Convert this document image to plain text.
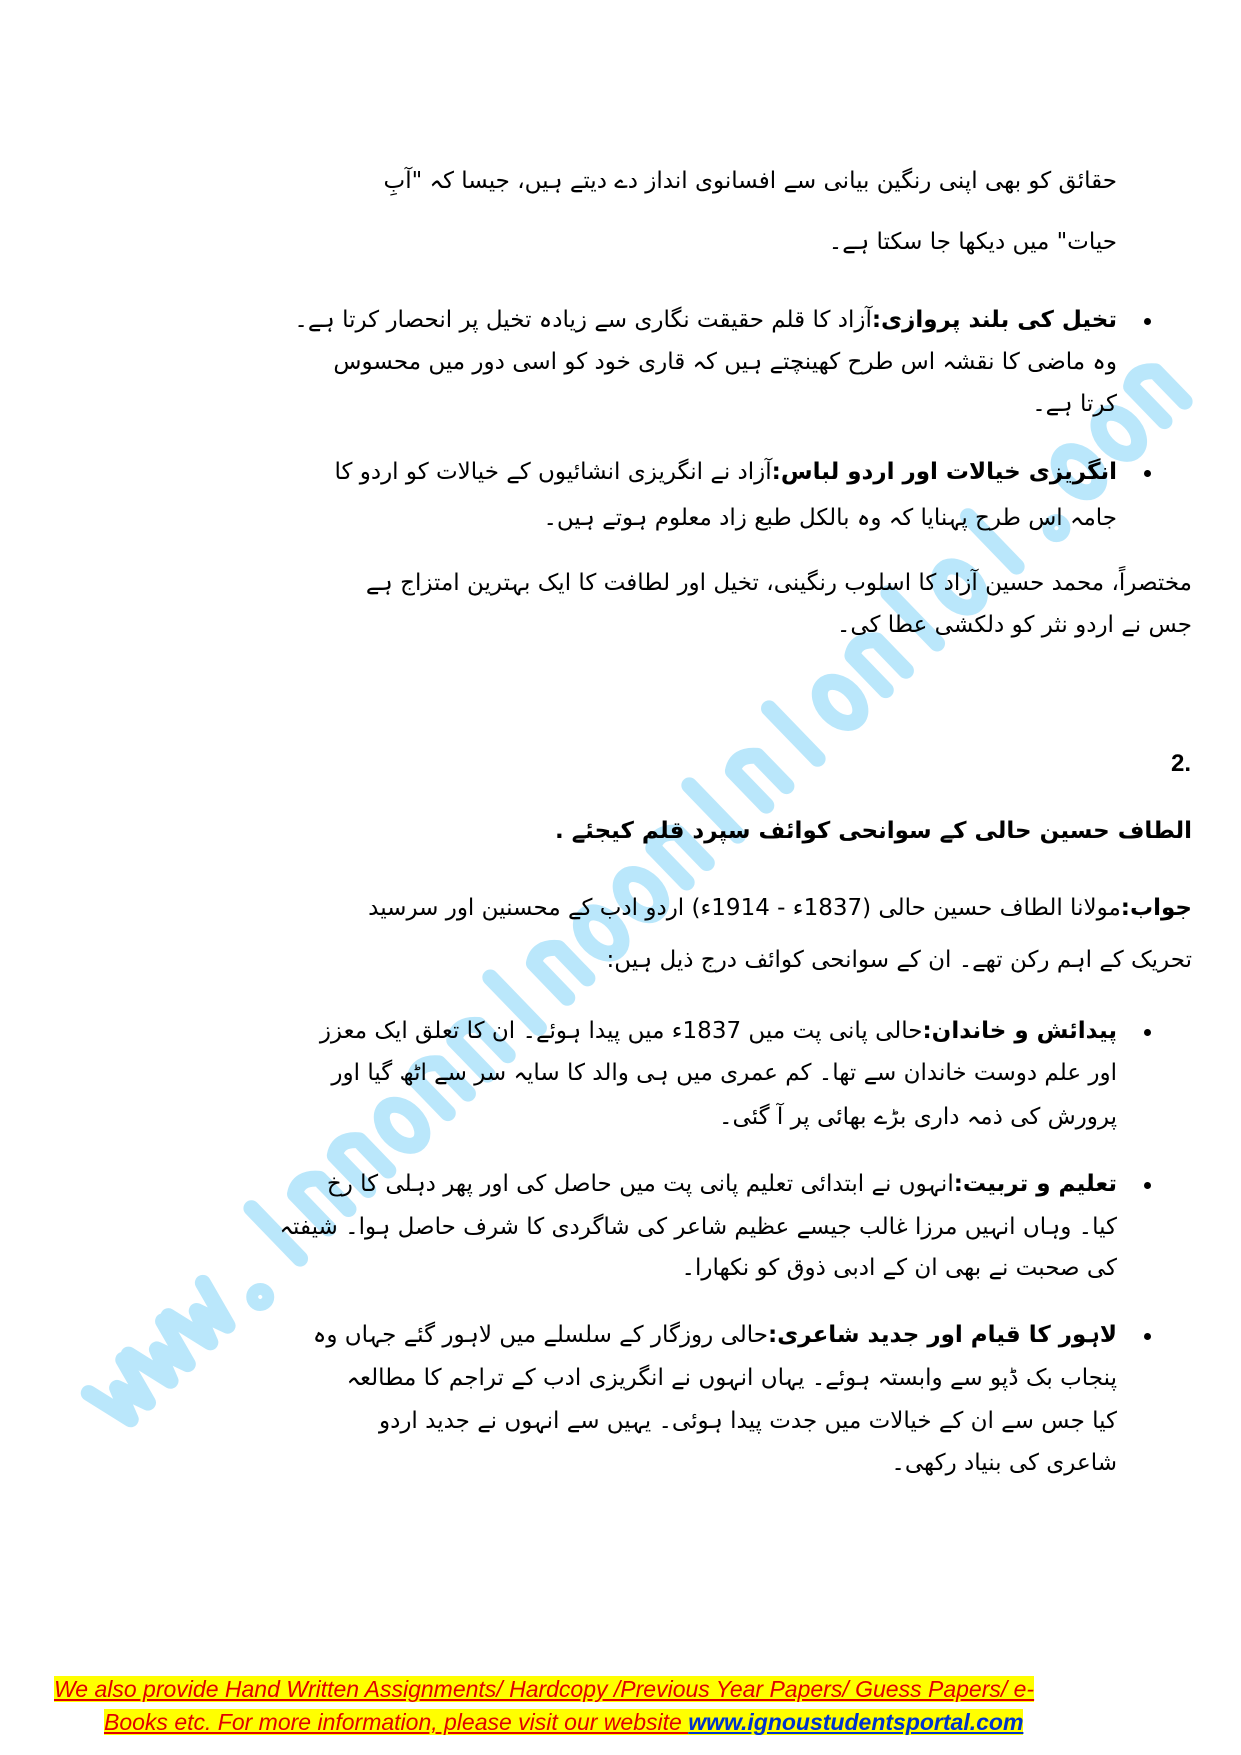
حقائق کو بھی اپنی رنگین بیانی سے افسانوی انداز دے دیتے ہیں، جیسا کہ "آبِ
حیات" میں دیکھا جا سکتا ہے۔
تخیل کی بلند پروازی:آزاد کا قلم حقیقت نگاری سے زیادہ تخیل پر انحصار کرتا ہے۔
وہ ماضی کا نقشہ اس طرح کھینچتے ہیں کہ قاری خود کو اسی دور میں محسوس
کرتا ہے۔
انگریزی خیالات اور اردو لباس:آزاد نے انگریزی انشائیوں کے خیالات کو اردو کا
جامہ اس طرح پہنایا کہ وہ بالکل طبع زاد معلوم ہوتے ہیں۔
مختصراً، محمد حسین آزاد کا اسلوب رنگینی، تخیل اور لطافت کا ایک بہترین امتزاج ہے
جس نے اردو نثر کو دلکشی عطا کی۔
2.
الطاف حسین حالی کے سوانحی کوائف سپرد قلم کیجئے .
جواب:مولانا الطاف حسین حالی (1837ء - 1914ء) اردو ادب کے محسنین اور سرسید
تحریک کے اہم رکن تھے۔ ان کے سوانحی کوائف درج ذیل ہیں:
پیدائش و خاندان:حالی پانی پت میں 1837ء میں پیدا ہوئے۔ ان کا تعلق ایک معزز
اور علم دوست خاندان سے تھا۔ کم عمری میں ہی والد کا سایہ سر سے اٹھ گیا اور
پرورش کی ذمہ داری بڑے بھائی پر آ گئی۔
تعلیم و تربیت:انہوں نے ابتدائی تعلیم پانی پت میں حاصل کی اور پھر دہلی کا رخ
کیا۔ وہاں انہیں مرزا غالب جیسے عظیم شاعر کی شاگردی کا شرف حاصل ہوا۔ شیفتہ
کی صحبت نے بھی ان کے ادبی ذوق کو نکھارا۔
لاہور کا قیام اور جدید شاعری:حالی روزگار کے سلسلے میں لاہور گئے جہاں وہ
پنجاب بک ڈپو سے وابستہ ہوئے۔ یہاں انہوں نے انگریزی ادب کے تراجم کا مطالعہ
کیا جس سے ان کے خیالات میں جدت پیدا ہوئی۔ یہیں سے انہوں نے جدید اردو
شاعری کی بنیاد رکھی۔
We also provide Hand Written Assignments/ Hardcopy /Previous Year Papers/ Guess Papers/ e-
Books etc. For more information, please visit our website www.ignoustudentsportal.com
